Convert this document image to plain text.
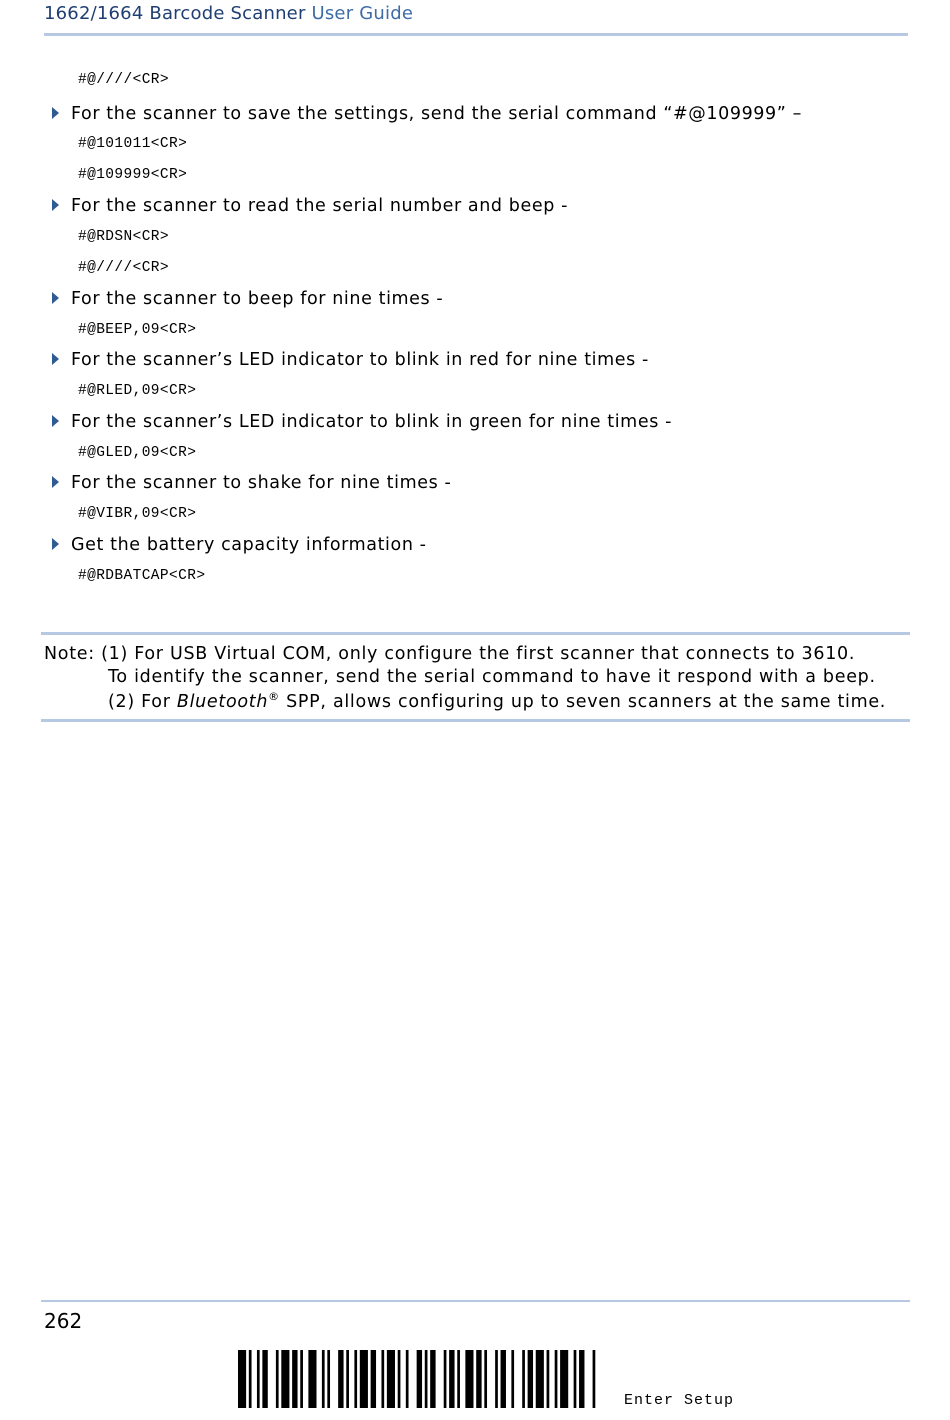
1662/1664 Barcode Scanner User Guide
#@////<CR>
For the scanner to save the settings, send the serial command “#@109999” –
#@101011<CR>
#@109999<CR>
For the scanner to read the serial number and beep -
#@RDSN<CR>
#@////<CR>
For the scanner to beep for nine times -
#@BEEP,09<CR>
For the scanner’s LED indicator to blink in red for nine times -
#@RLED,09<CR>
For the scanner’s LED indicator to blink in green for nine times -
#@GLED,09<CR>
For the scanner to shake for nine times -
#@VIBR,09<CR>
Get the battery capacity information -
#@RDBATCAP<CR>
Note: (1) For USB Virtual COM, only configure the first scanner that connects to 3610.
To identify the scanner, send the serial command to have it respond with a beep.
(2) For Bluetooth® SPP, allows configuring up to seven scanners at the same time.
262
Enter Setup
